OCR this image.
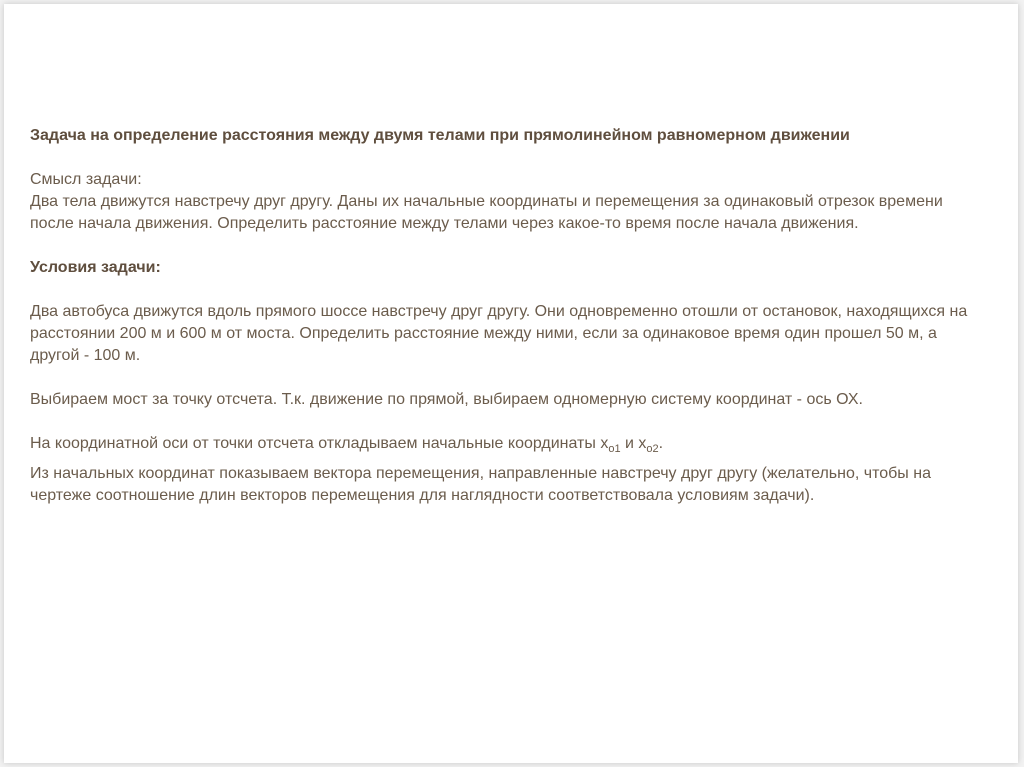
Задача на определение расстояния между двумя телами при прямолинейном равномерном движении

Смысл задачи:

Два тела движутся навстречу друг другу. Даны их начальные координаты и перемещения за одинаковый отрезок времени после начала движения. Определить расстояние между телами через какое-то время после начала движения.

Условия задачи:

Два автобуса движутся вдоль прямого шоссе навстречу друг другу. Они одновременно отошли от остановок, находящихся на расстоянии 200 м и 600 м от моста. Определить расстояние между ними, если за одинаковое время один прошел 50 м, а другой - 100 м.

Выбираем мост за точку отсчета. Т.к. движение по прямой, выбираем одномерную систему координат - ось ОХ.

На координатной оси от точки отсчета откладываем начальные координаты $x_{о1}$ и $x_{о2}$.

Из начальных координат показываем вектора перемещения, направленные навстречу друг другу (желательно, чтобы на чертеже соотношение длин векторов перемещения для наглядности соответствовала условиям задачи).
